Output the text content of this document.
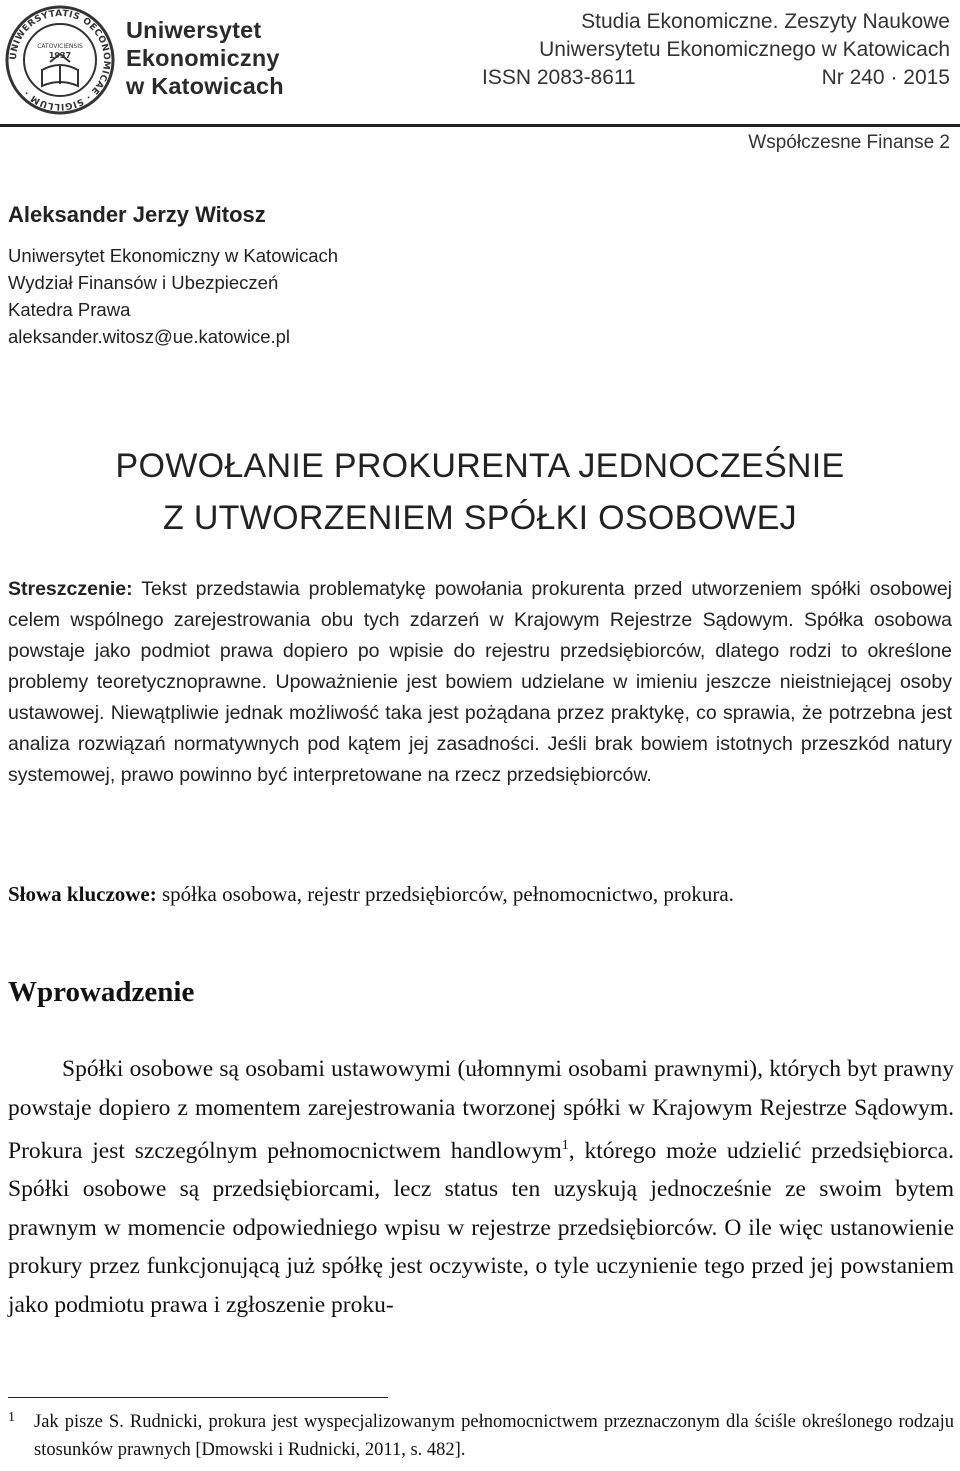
UNIWERSYTATIS OECONOMICAE · SIGILLUM ·
CATOVICIENSIS
1937
Uniwersytet
Ekonomiczny
w Katowicach
Studia Ekonomiczne. Zeszyty Naukowe
Uniwersytetu Ekonomicznego w Katowicach
ISSN 2083-8611	Nr 240 · 2015
Współczesne Finanse 2
Aleksander Jerzy Witosz
Uniwersytet Ekonomiczny w Katowicach
Wydział Finansów i Ubezpieczeń
Katedra Prawa
aleksander.witosz@ue.katowice.pl
POWOŁANIE PROKURENTA JEDNOCZEŚNIE
Z UTWORZENIEM SPÓŁKI OSOBOWEJ
Streszczenie: Tekst przedstawia problematykę powołania prokurenta przed utworzeniem spółki osobowej celem wspólnego zarejestrowania obu tych zdarzeń w Krajowym Rejestrze Sądowym. Spółka osobowa powstaje jako podmiot prawa dopiero po wpisie do rejestru przedsiębiorców, dlatego rodzi to określone problemy teoretycznoprawne. Upoważnienie jest bowiem udzielane w imieniu jeszcze nieistniejącej osoby ustawowej. Niewątpliwie jednak możliwość taka jest pożądana przez praktykę, co sprawia, że potrzebna jest analiza rozwiązań normatywnych pod kątem jej zasadności. Jeśli brak bowiem istotnych przeszkód natury systemowej, prawo powinno być interpretowane na rzecz przedsiębiorców.
Słowa kluczowe: spółka osobowa, rejestr przedsiębiorców, pełnomocnictwo, prokura.
Wprowadzenie

Spółki osobowe są osobami ustawowymi (ułomnymi osobami prawnymi), których byt prawny powstaje dopiero z momentem zarejestrowania tworzonej spółki w Krajowym Rejestrze Sądowym. Prokura jest szczególnym pełnomocnictwem handlowym$^1$, którego może udzielić przedsiębiorca. Spółki osobowe są przedsiębiorcami, lecz status ten uzyskują jednocześnie ze swoim bytem prawnym w momencie odpowiedniego wpisu w rejestrze przedsiębiorców. O ile więc ustanowienie prokury przez funkcjonującą już spółkę jest oczywiste, o tyle uczynienie tego przed jej powstaniem jako podmiotu prawa i zgłoszenie proku-

1 Jak pisze S. Rudnicki, prokura jest wyspecjalizowanym pełnomocnictwem przeznaczonym dla ściśle określonego rodzaju stosunków prawnych [Dmowski i Rudnicki, 2011, s. 482].
